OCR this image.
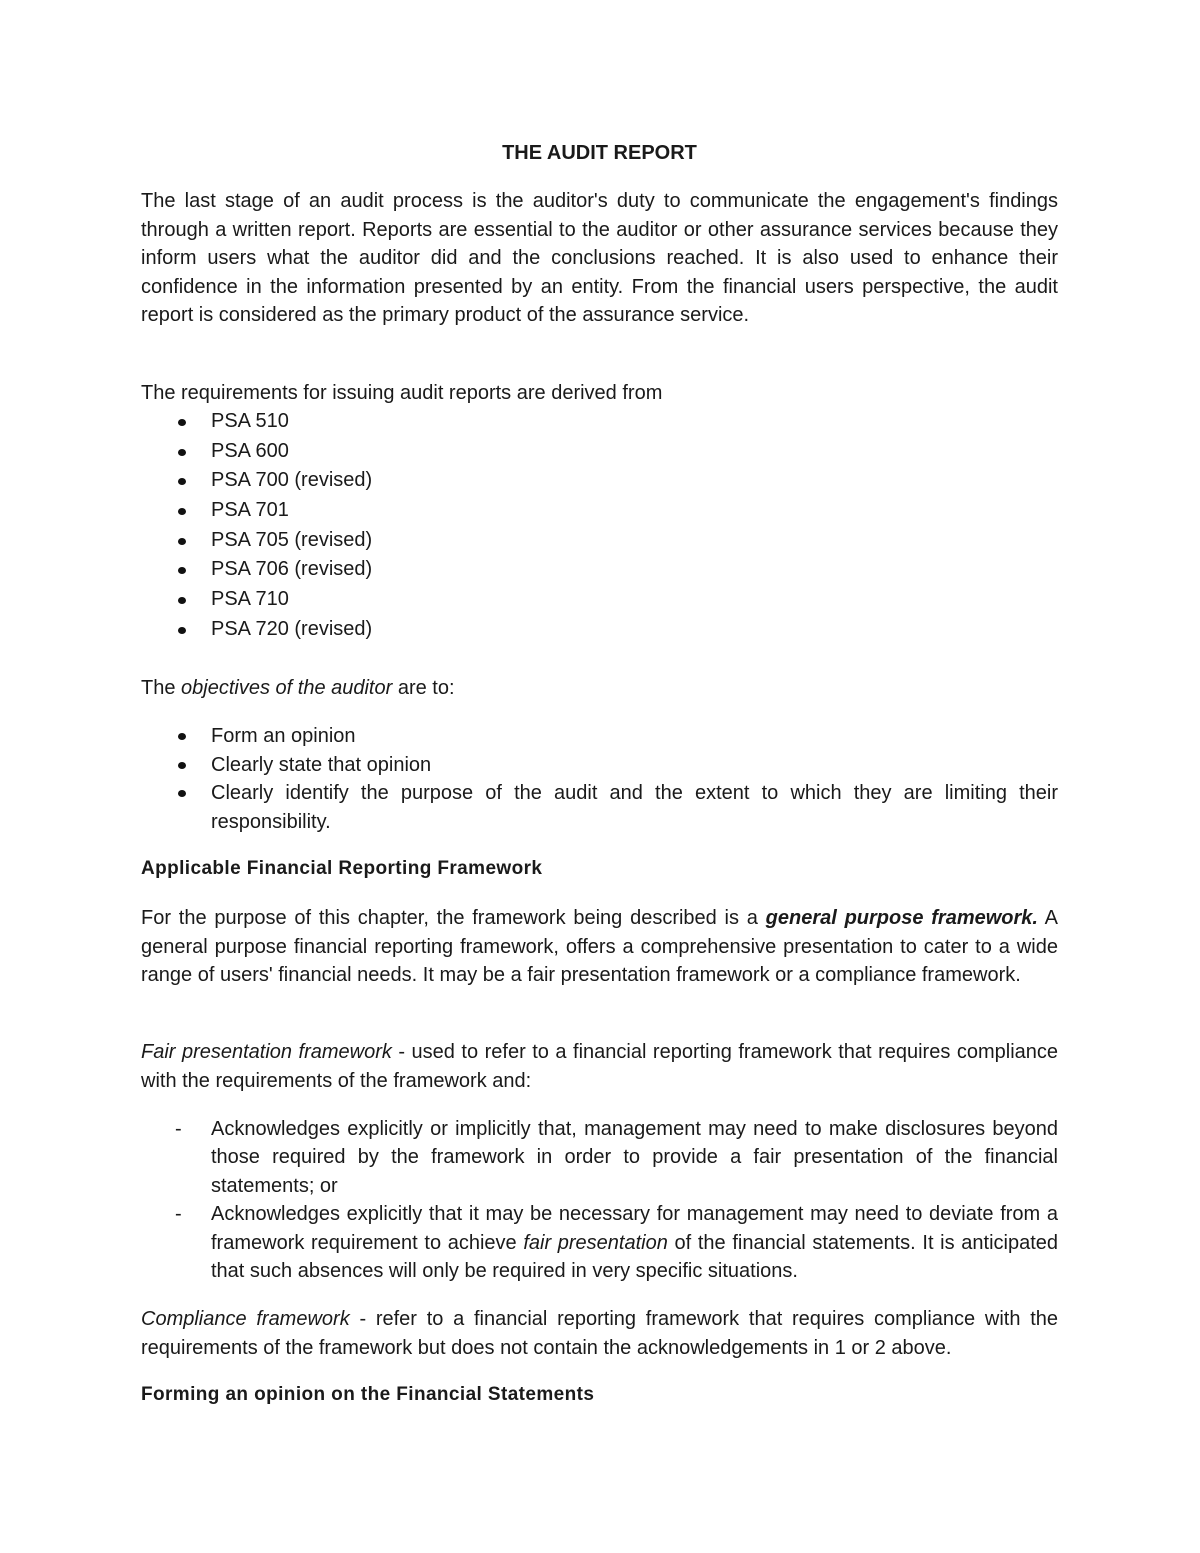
THE AUDIT REPORT

The last stage of an audit process is the auditor's duty to communicate the engagement's findings through a written report. Reports are essential to the auditor or other assurance services because they inform users what the auditor did and the conclusions reached. It is also used to enhance their confidence in the information presented by an entity. From the financial users perspective, the audit report is considered as the primary product of the assurance service.

The requirements for issuing audit reports are derived from

PSA 510
PSA 600
PSA 700 (revised)
PSA 701
PSA 705 (revised)
PSA 706 (revised)
PSA 710
PSA 720 (revised)

The objectives of the auditor are to:

Form an opinion
Clearly state that opinion
Clearly identify the purpose of the audit and the extent to which they are limiting their responsibility.
Applicable Financial Reporting Framework

For the purpose of this chapter, the framework being described is a general purpose framework. A general purpose financial reporting framework, offers a comprehensive presentation to cater to a wide range of users' financial needs. It may be a fair presentation framework or a compliance framework.

Fair presentation framework - used to refer to a financial reporting framework that requires compliance with the requirements of the framework and:

- Acknowledges explicitly or implicitly that, management may need to make disclosures beyond those required by the framework in order to provide a fair presentation of the financial statements; or
- Acknowledges explicitly that it may be necessary for management may need to deviate from a framework requirement to achieve fair presentation of the financial statements. It is anticipated that such absences will only be required in very specific situations.

Compliance framework - refer to a financial reporting framework that requires compliance with the requirements of the framework but does not contain the acknowledgements in 1 or 2 above.

Forming an opinion on the Financial Statements
